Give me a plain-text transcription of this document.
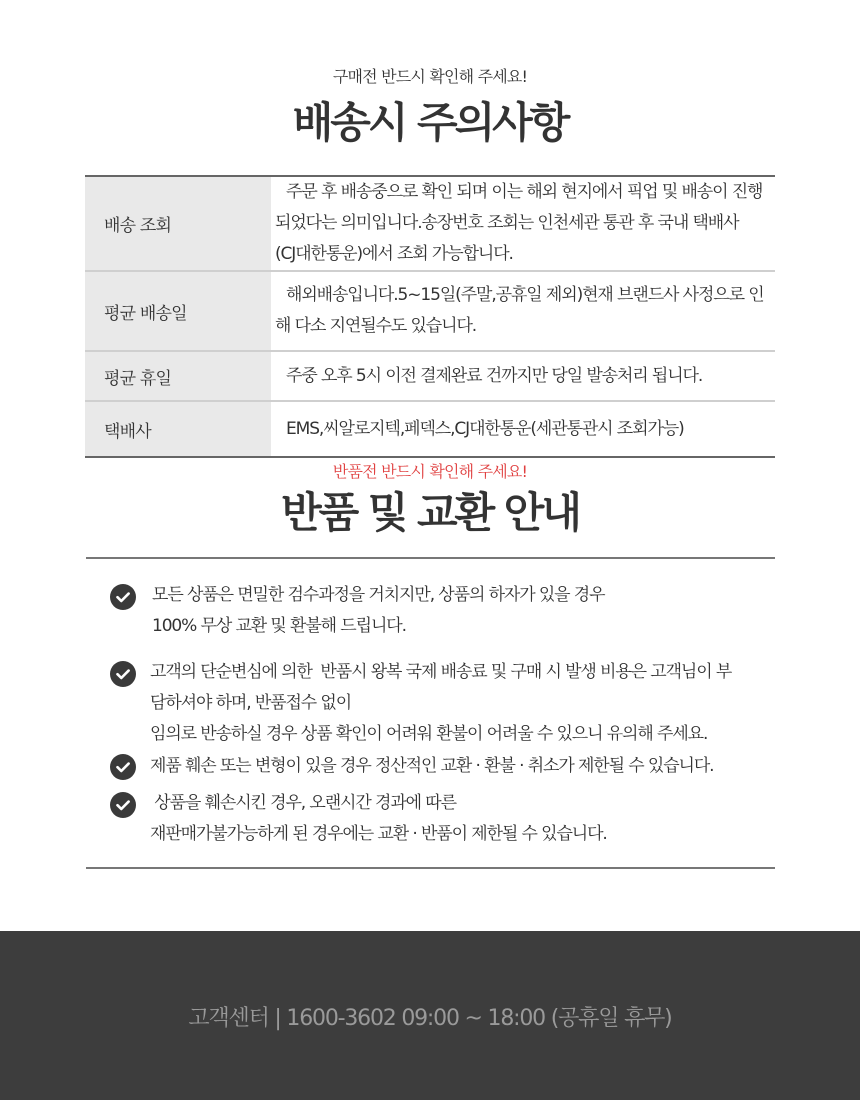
구매전 반드시 확인해 주세요!
배송시 주의사항
배송 조회
주문 후 배송중으로 확인 되며 이는 해외 현지에서 픽업 및 배송이 진행
되었다는 의미입니다.송장번호 조회는 인천세관 통관 후 국내 택배사
(CJ대한통운)에서 조회 가능합니다.
평균 배송일
해외배송입니다.5~15일(주말,공휴일 제외)현재 브랜드사 사정으로 인
해 다소 지연될수도 있습니다.
평균 휴일	주중 오후 5시 이전 결제완료 건까지만 당일 발송처리 됩니다.
택배사	EMS,씨알로지텍,페덱스,CJ대한통운(세관통관시 조회가능)
반품전 반드시 확인해 주세요!
반품 및 교환 안내
모든 상품은 면밀한 검수과정을 거치지만, 상품의 하자가 있을 경우
100% 무상 교환 및 환불해 드립니다.
고객의 단순변심에 의한  반품시 왕복 국제 배송료 및 구매 시 발생 비용은 고객님이 부
담하셔야 하며, 반품접수 없이
임의로 반송하실 경우 상품 확인이 어려워 환불이 어려울 수 있으니 유의해 주세요.
제품 훼손 또는 변형이 있을 경우 정산적인 교환 · 환불 · 취소가 제한될 수 있습니다.
상품을 훼손시킨 경우, 오랜시간 경과에 따른
재판매가불가능하게 된 경우에는 교환 · 반품이 제한될 수 있습니다.
고객센터 | 1600-3602 09:00 ~ 18:00 (공휴일 휴무)
